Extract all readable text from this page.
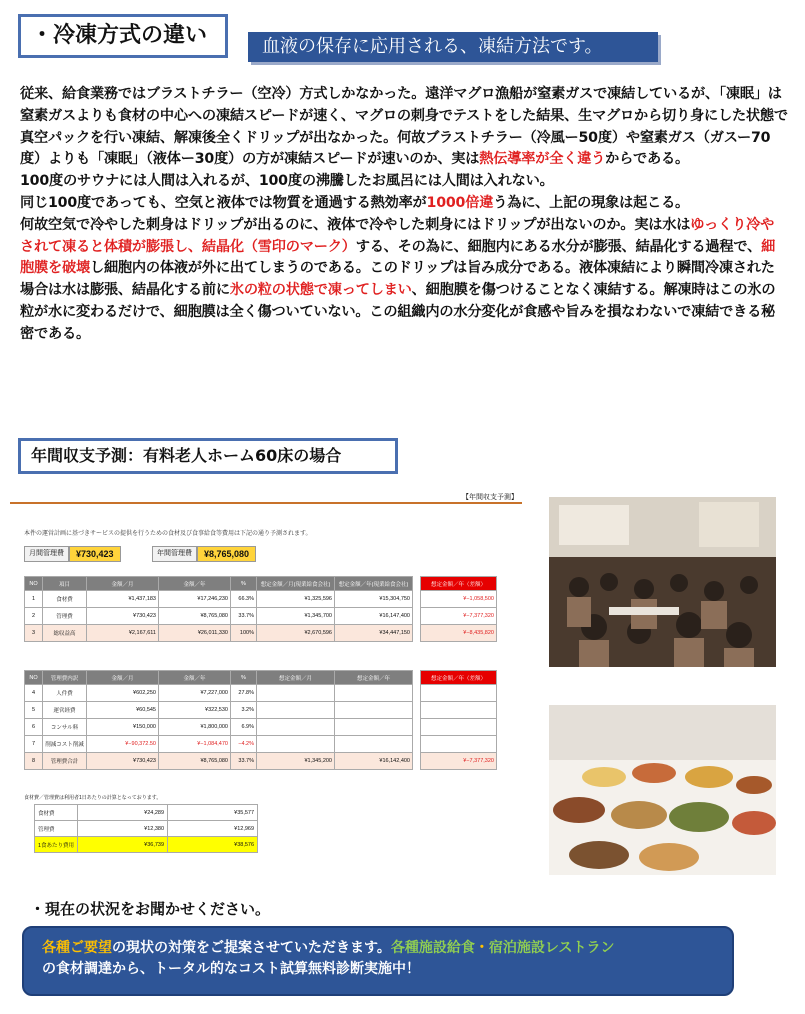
・冷凍方式の違い	血液の保存に応用される、凍結方法です。

従来、給食業務ではブラストチラー（空冷）方式しかなかった。遠洋マグロ漁船が窒素ガスで凍結しているが、「凍眠」は窒素ガスよりも食材の中心への凍結スピードが速く、マグロの刺身でテストをした結果、生マグロから切り身にした状態で真空パックを行い凍結、解凍後全くドリップが出なかった。何故ブラストチラー（冷風ー50度）や窒素ガス（ガスー70度）よりも「凍眠」（液体ー30度）の方が凍結スピードが速いのか、実は熱伝導率が全く違うからである。

100度のサウナには人間は入れるが、100度の沸騰したお風呂には人間は入れない。

同じ100度であっても、空気と液体では物質を通過する熱効率が1000倍違う為に、上記の現象は起こる。

何故空気で冷やした刺身はドリップが出るのに、液体で冷やした刺身にはドリップが出ないのか。実は水はゆっくり冷やされて凍ると体積が膨張し、結晶化（雪印のマーク）する、その為に、細胞内にある水分が膨張、結晶化する過程で、細胞膜を破壊し細胞内の体液が外に出てしまうのである。このドリップは旨み成分である。液体凍結により瞬間冷凍された場合は水は膨張、結晶化する前に氷の粒の状態で凍ってしまい、細胞膜を傷つけることなく凍結する。解凍時はこの氷の粒が水に変わるだけで、細胞膜は全く傷ついていない。この組織内の水分変化が食感や旨みを損なわないで凍結できる秘密である。

年間収支予測：有料老人ホーム60床の場合
【年間収支予測】
本件の運営計画に基づきサービスの提供を行うための食材及び食事給食等費用は下記の通り予測されます。
月間管理費	¥730,423	年間管理費	¥8,765,080
NO	項目	金額／月	金額／年	%	想定金額／月(現業給食会社)	想定金額／年(現業給食会社)		想定金額／年（差額）
1	食材費	¥1,437,183	¥17,246,230	66.3%	¥1,325,596	¥15,304,750		¥−1,058,500
2	管理費	¥730,423	¥8,765,080	33.7%	¥1,345,700	¥16,147,400		¥−7,377,320
3	総収益高	¥2,167,611	¥26,011,330	100%	¥2,670,596	¥34,447,150		¥−8,435,820
NO	管理費内訳	金額／月	金額／年	%	想定金額／月	想定金額／年		想定金額／年（差額）
4	人件費	¥602,250	¥7,227,000	27.8%				
5	運営経費	¥60,545	¥322,530	3.2%				
6	コンサル料	¥150,000	¥1,800,000	6.9%				
7	削減コスト削減	¥−90,372.50	¥−1,084,470	−4.2%				
8	管理費合計	¥730,423	¥8,765,080	33.7%	¥1,345,200	¥16,142,400		¥−7,377,320
食材費／管理費は利用者1日あたりの計算となっております。
食材費	¥24,289	¥35,577
管理費	¥12,380	¥12,969
1食あたり費用	¥36,739	¥38,576
・現在の状況をお聞かせください。
各種ご要望の現状の対策をご提案させていただきます。各種施設給食・宿泊施設レストラン
の食材調達から、トータル的なコスト試算無料診断実施中！
